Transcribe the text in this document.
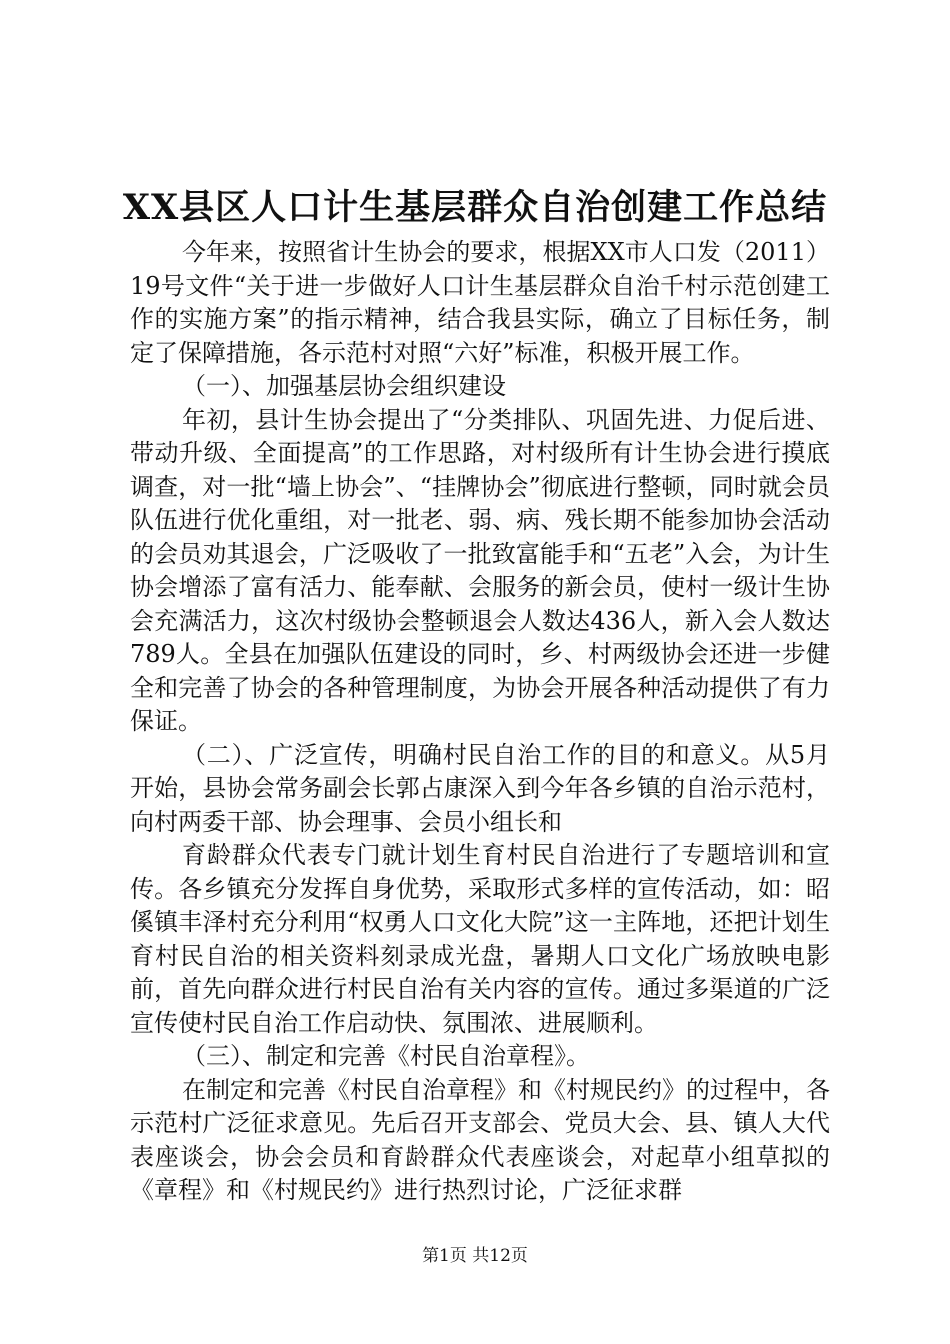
XX县区人口计生基层群众自治创建工作总结

今年来，按照省计生协会的要求，根据XX市人口发（2011）19号文件“关于进一步做好人口计生基层群众自治千村示范创建工作的实施方案”的指示精神，结合我县实际，确立了目标任务，制定了保障措施，各示范村对照“六好”标准，积极开展工作。

（一）、加强基层协会组织建设

年初，县计生协会提出了“分类排队、巩固先进、力促后进、带动升级、全面提高”的工作思路，对村级所有计生协会进行摸底调查，对一批“墙上协会”、“挂牌协会”彻底进行整顿，同时就会员队伍进行优化重组，对一批老、弱、病、残长期不能参加协会活动的会员劝其退会，广泛吸收了一批致富能手和“五老”入会，为计生协会增添了富有活力、能奉献、会服务的新会员，使村一级计生协会充满活力，这次村级协会整顿退会人数达436人，新入会人数达789人。全县在加强队伍建设的同时，乡、村两级协会还进一步健全和完善了协会的各种管理制度，为协会开展各种活动提供了有力保证。

（二）、广泛宣传，明确村民自治工作的目的和意义。从5月开始，县协会常务副会长郭占康深入到今年各乡镇的自治示范村，向村两委干部、协会理事、会员小组长和

育龄群众代表专门就计划生育村民自治进行了专题培训和宣传。各乡镇充分发挥自身优势，采取形式多样的宣传活动，如：昭傒镇丰泽村充分利用“权勇人口文化大院”这一主阵地，还把计划生育村民自治的相关资料刻录成光盘，暑期人口文化广场放映电影前，首先向群众进行村民自治有关内容的宣传。通过多渠道的广泛宣传使村民自治工作启动快、氛围浓、进展顺利。

（三）、制定和完善《村民自治章程》。

在制定和完善《村民自治章程》和《村规民约》的过程中，各示范村广泛征求意见。先后召开支部会、党员大会、县、镇人大代表座谈会，协会会员和育龄群众代表座谈会，对起草小组草拟的《章程》和《村规民约》进行热烈讨论，广泛征求群

第1页 共12页
